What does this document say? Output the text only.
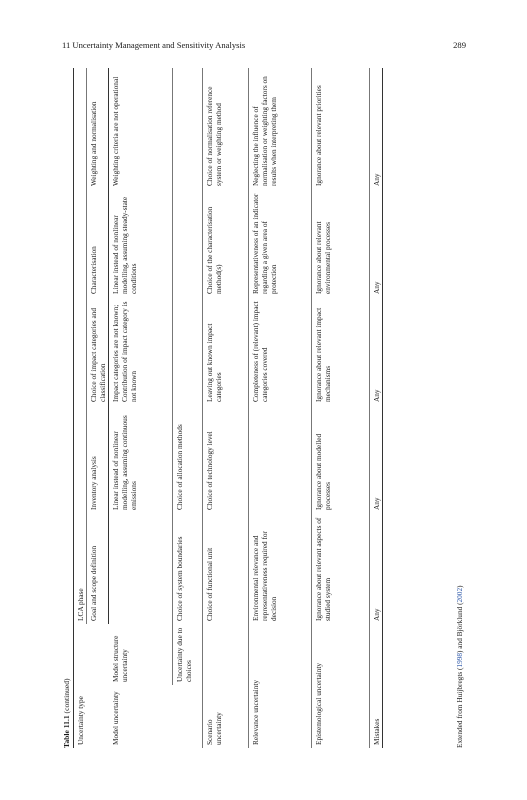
11 Uncertainty Management and Sensitivity Analysis	289
Table 11.1 (continued)
Uncertainty type		LCA phase				
		Goal and scope definition	Inventory analysis	Choice of impact categories and classification	Characterisation	Weighting and normalisation
Model uncertainty	Model structure uncertainty		Linear instead of nonlinear modelling, assuming continuous emissions	Impact categories are not known; Contribution of impact category is not known	Linear instead of nonlinear modelling, assuming steady-state conditions	Weighting criteria are not operational
	Uncertainty due to choices	Choice of system boundaries	Choice of allocation methods			
Scenario uncertainty		Choice of functional unit	Choice of technology level	Leaving out known impact categories	Choice of the characterisation method(s)	Choice of normalisation reference system or weighting method
Relevance uncertainty		Environmental relevance and representativeness required for decision		Completeness of (relevant) impact categories covered	Representativeness of an indicator regarding a given area of protection	Neglecting the influence of normalisation or weighting factors on results when interpreting them
Epistemological uncertainty		Ignorance about relevant aspects of studied system	Ignorance about modelled processes	Ignorance about relevant impact mechanisms	Ignorance about relevant environmental processes	Ignorance about relevant priorities
Mistakes		Any	Any	Any	Any	Any
Extended from Huijbregts (1998) and Björklund (2002)
